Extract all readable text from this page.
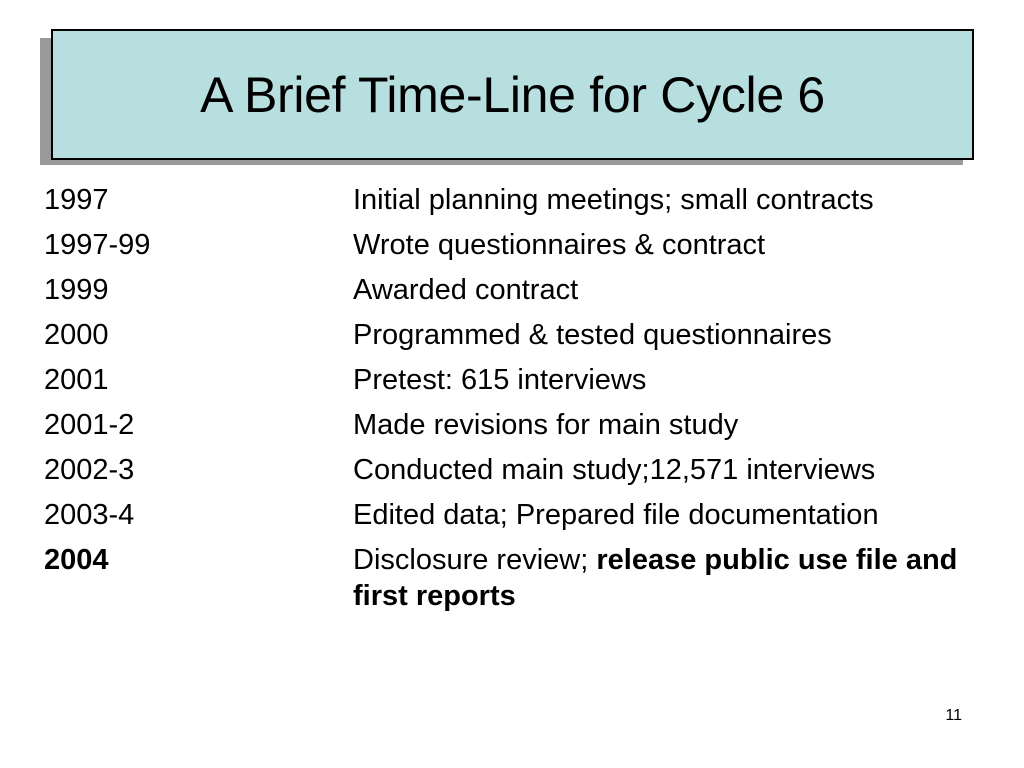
A Brief Time-Line for Cycle 6
1997	Initial planning meetings; small contracts
1997-99	Wrote questionnaires & contract
1999	Awarded contract
2000	Programmed & tested questionnaires
2001	Pretest: 615 interviews
2001-2	Made revisions for main study
2002-3	Conducted main study;12,571 interviews
2003-4	Edited data; Prepared file documentation
2004	Disclosure review; release public use file and first reports
11
